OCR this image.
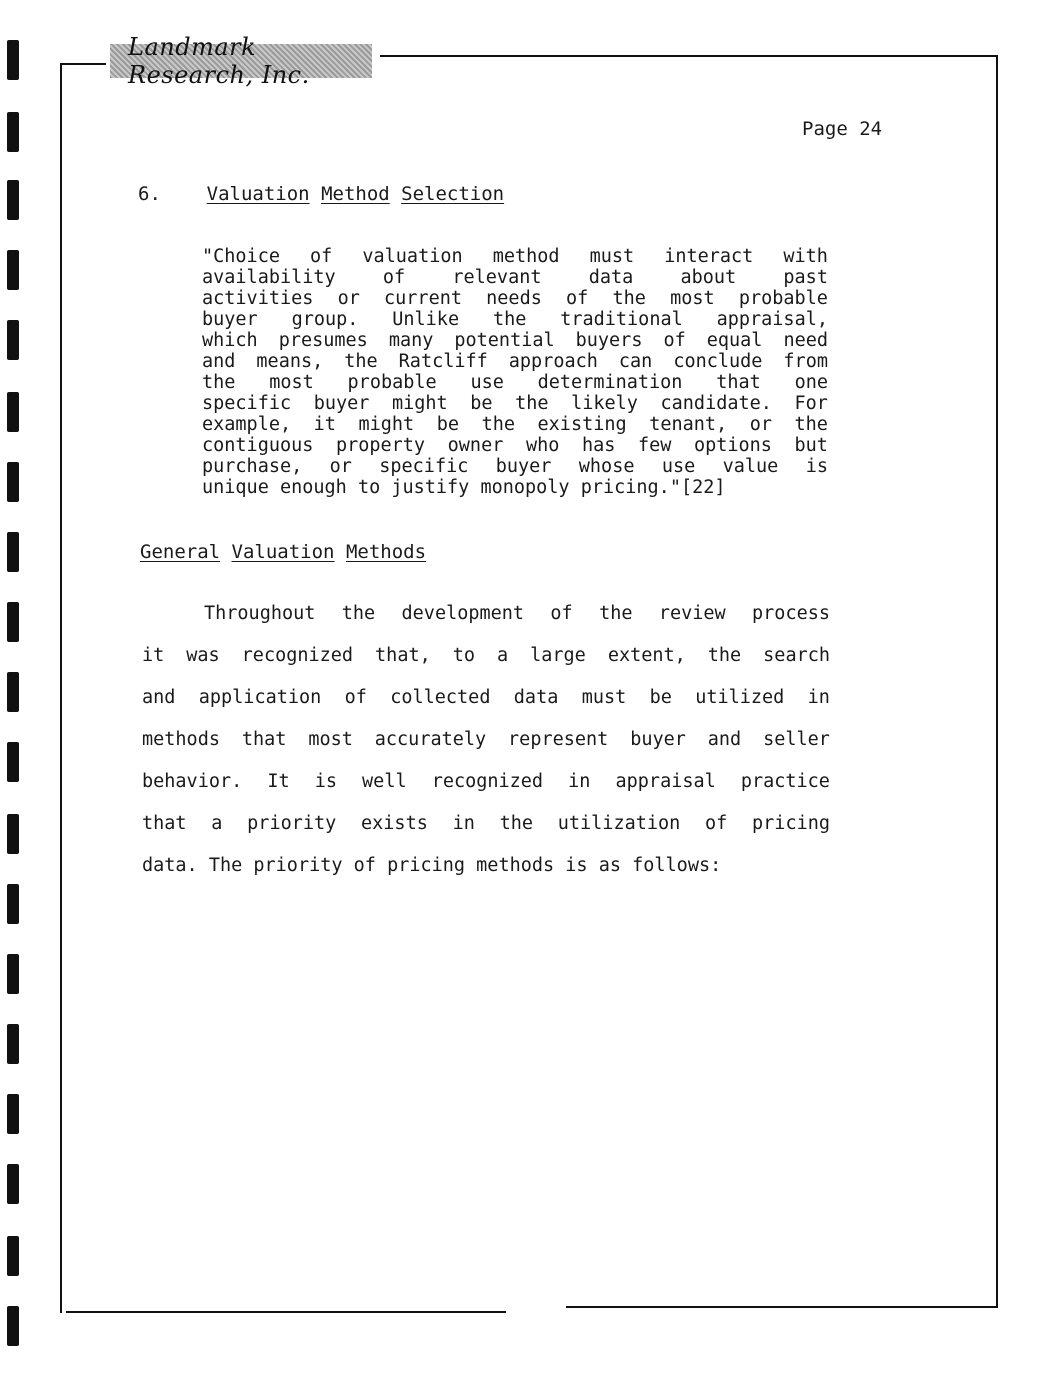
Landmark Research, Inc.
Page 24
6. Valuation Method Selection
"Choice of valuation method must interact with
availability	of	relevant	data	about	past
activities or current needs of the most probable
buyer group. Unlike the traditional appraisal,
which presumes many potential buyers of equal need
and means, the Ratcliff approach can conclude from
the most probable use determination that one
specific buyer might be the likely candidate. For
example, it might be the existing tenant, or the
contiguous property owner who has few options but
purchase, or specific buyer whose use value is
unique enough to justify monopoly pricing."[22]
General Valuation Methods
Throughout the development of the review process
it was recognized that, to a large extent, the search
and application of collected data must be utilized in
methods that most accurately represent buyer and seller
behavior. It is well recognized in appraisal practice
that a priority exists in the utilization of pricing
data. The priority of pricing methods is as follows:
